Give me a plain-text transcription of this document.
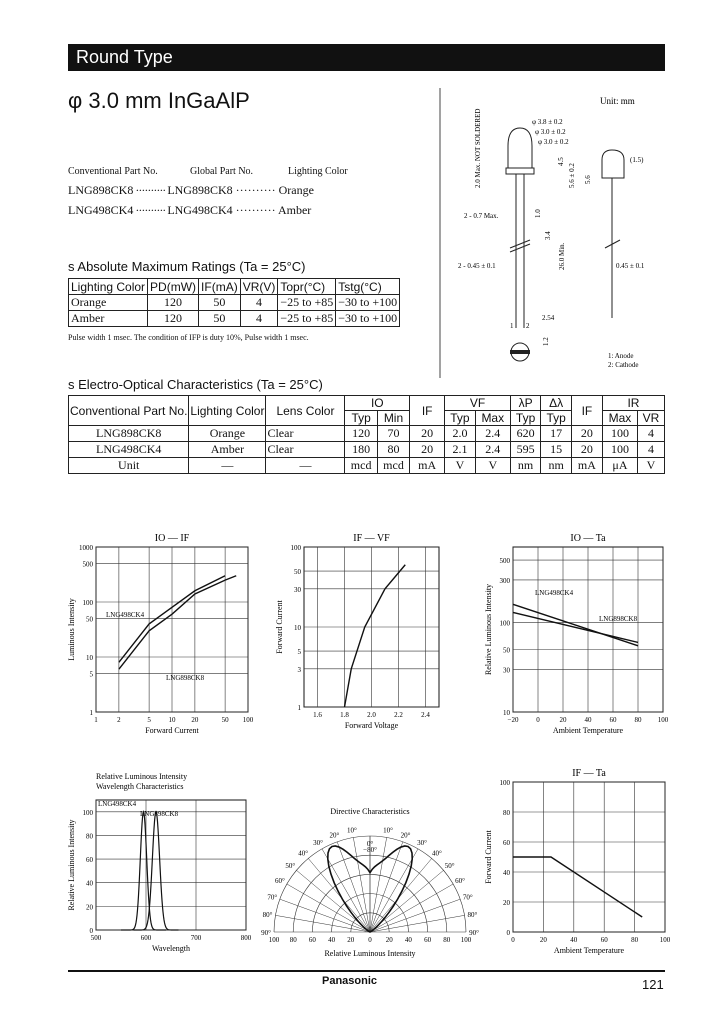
Round Type
φ 3.0 mm InGaAlP
Conventional Part No.	Global Part No.	Lighting Color
LNG898CK8 ·········· LNG898CK8 ·········· Orange
LNG498CK4 ·········· LNG498CK4 ·········· Amber
Unit: mm
φ 3.8 ± 0.2
φ 3.0 ± 0.2
φ 3.0 ± 0.2
2.0 Max. NOT SOLDERED	4.5
5.6 ± 0.2 5.6
(1.5)
2 - 0.7 Max.	1.0
3.4
26.0 Min.
2 - 0.45 ± 0.1	0.45 ± 0.1
1 2
2.54
1.2
1: Anode
2: Cathode
s Absolute Maximum Ratings (Ta = 25°C)
Lighting Color	PD(mW)	IF(mA)	VR(V)	Topr(°C)	Tstg(°C)
Orange	120	50	4	−25 to +85	−30 to +100
Amber	120	50	4	−25 to +85	−30 to +100
Pulse width 1 msec. The condition of IFP is duty 10%, Pulse width 1 msec.
s Electro-Optical Characteristics (Ta = 25°C)
Conventional Part No.	Lighting Color	Lens Color	IO		IF	VF		λP	Δλ	IF	IR	
			Typ	Min		Typ	Max	Typ	Typ		Max	VR
LNG898CK8	Orange	Clear	120	70	20	2.0	2.4	620	17	20	100	4
LNG498CK4	Amber	Clear	180	80	20	2.1	2.4	595	15	20	100	4
Unit	—	—	mcd	mcd	mA	V	V	nm	nm	mA	μA	V
1	2	5	10 20	50 100
1
5
10
50
100
500
1000
Forward Current
Luminous Intensity
IO — IF
LNG498CK4
LNG898CK8
1.6	1.8	2.0	2.2	2.4
1
3
5
10
30
50
100
Forward Voltage
Forward Current
IF — VF
−20	0	20	40	60	80 100
10
30
50
100
300
500
Ambient Temperature
Relative Luminous Intensity
IO — Ta
LNG498CK4
LNG898CK8
500	600	700	800
0
20
40
60
80
100
Relative Luminous Intensity
Wavelength Characteristics
Wavelength
Relative Luminous Intensity
LNG498CK4
LNG898CK8	Directive Characteristics
0°
10°	10°
20°	20°
30°	30°
40°	40°
50°	50°
60°	60°
70°	70°
80°	80°
90°	90°
−80°
100 80 60 40 20 0 20 40 60 80 100
Relative Luminous Intensity
0	20	40	60	80	100
0
20
40
60
80
100
Ambient Temperature
Forward Current
IF — Ta
Panasonic	121
